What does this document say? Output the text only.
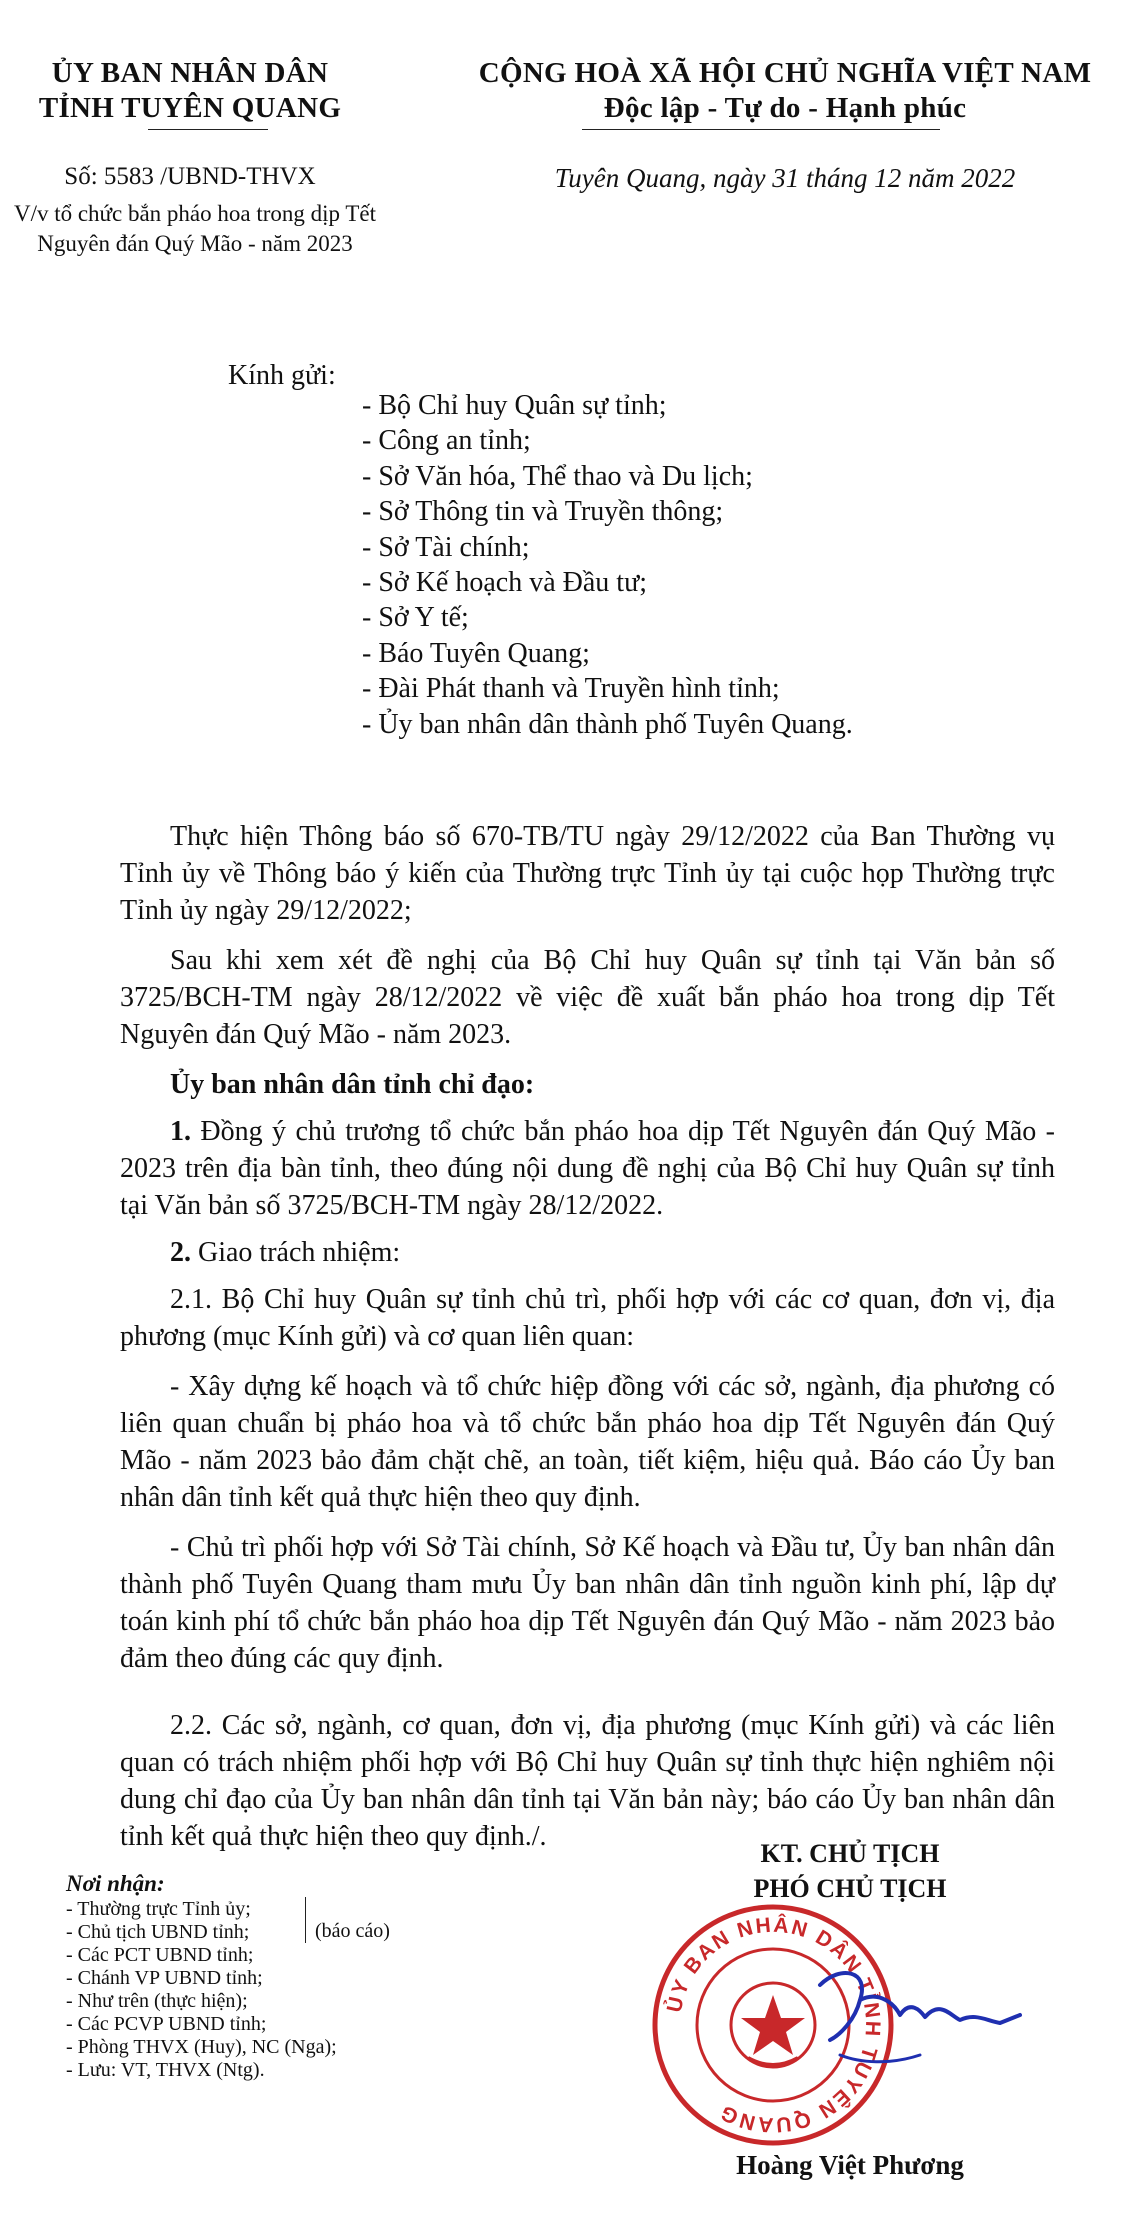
ỦY BAN NHÂN DÂN
TỈNH TUYÊN QUANG
CỘNG HOÀ XÃ HỘI CHỦ NGHĨA VIỆT NAM
Độc lập - Tự do - Hạnh phúc
Số: 5583 /UBND-THVX
V/v tổ chức bắn pháo hoa trong dịp Tết
Nguyên đán Quý Mão - năm 2023
Tuyên Quang, ngày 31 tháng 12 năm 2022
Kính gửi:
- Bộ Chỉ huy Quân sự tỉnh;
- Công an tỉnh;
- Sở Văn hóa, Thể thao và Du lịch;
- Sở Thông tin và Truyền thông;
- Sở Tài chính;
- Sở Kế hoạch và Đầu tư;
- Sở Y tế;
- Báo Tuyên Quang;
- Đài Phát thanh và Truyền hình tỉnh;
- Ủy ban nhân dân thành phố Tuyên Quang.
Thực hiện Thông báo số 670-TB/TU ngày 29/12/2022 của Ban Thường vụ Tỉnh ủy về Thông báo ý kiến của Thường trực Tỉnh ủy tại cuộc họp Thường trực Tỉnh ủy ngày 29/12/2022;
Sau khi xem xét đề nghị của Bộ Chỉ huy Quân sự tỉnh tại Văn bản số 3725/BCH-TM ngày 28/12/2022 về việc đề xuất bắn pháo hoa trong dịp Tết Nguyên đán Quý Mão - năm 2023.
Ủy ban nhân dân tỉnh chỉ đạo:
1. Đồng ý chủ trương tổ chức bắn pháo hoa dịp Tết Nguyên đán Quý Mão - 2023 trên địa bàn tỉnh, theo đúng nội dung đề nghị của Bộ Chỉ huy Quân sự tỉnh tại Văn bản số 3725/BCH-TM ngày 28/12/2022.
2. Giao trách nhiệm:
2.1. Bộ Chỉ huy Quân sự tỉnh chủ trì, phối hợp với các cơ quan, đơn vị, địa phương (mục Kính gửi) và cơ quan liên quan:
- Xây dựng kế hoạch và tổ chức hiệp đồng với các sở, ngành, địa phương có liên quan chuẩn bị pháo hoa và tổ chức bắn pháo hoa dịp Tết Nguyên đán Quý Mão - năm 2023 bảo đảm chặt chẽ, an toàn, tiết kiệm, hiệu quả. Báo cáo Ủy ban nhân dân tỉnh kết quả thực hiện theo quy định.
- Chủ trì phối hợp với Sở Tài chính, Sở Kế hoạch và Đầu tư, Ủy ban nhân dân thành phố Tuyên Quang tham mưu Ủy ban nhân dân tỉnh nguồn kinh phí, lập dự toán kinh phí tổ chức bắn pháo hoa dịp Tết Nguyên đán Quý Mão - năm 2023 bảo đảm theo đúng các quy định.
2.2. Các sở, ngành, cơ quan, đơn vị, địa phương (mục Kính gửi) và các liên quan có trách nhiệm phối hợp với Bộ Chỉ huy Quân sự tỉnh thực hiện nghiêm nội dung chỉ đạo của Ủy ban nhân dân tỉnh tại Văn bản này; báo cáo Ủy ban nhân dân tỉnh kết quả thực hiện theo quy định./.
Nơi nhận:
- Thường trực Tỉnh ủy;
- Chủ tịch UBND tỉnh;
- Các PCT UBND tỉnh;
- Chánh VP UBND tỉnh;
- Như trên (thực hiện);
- Các PCVP UBND tỉnh;
- Phòng THVX (Huy), NC (Nga);
- Lưu: VT, THVX (Ntg).
(báo cáo)
KT. CHỦ TỊCH
PHÓ CHỦ TỊCH
ỦY BAN NHÂN DÂN TỈNH TUYÊN QUANG
Hoàng Việt Phương
